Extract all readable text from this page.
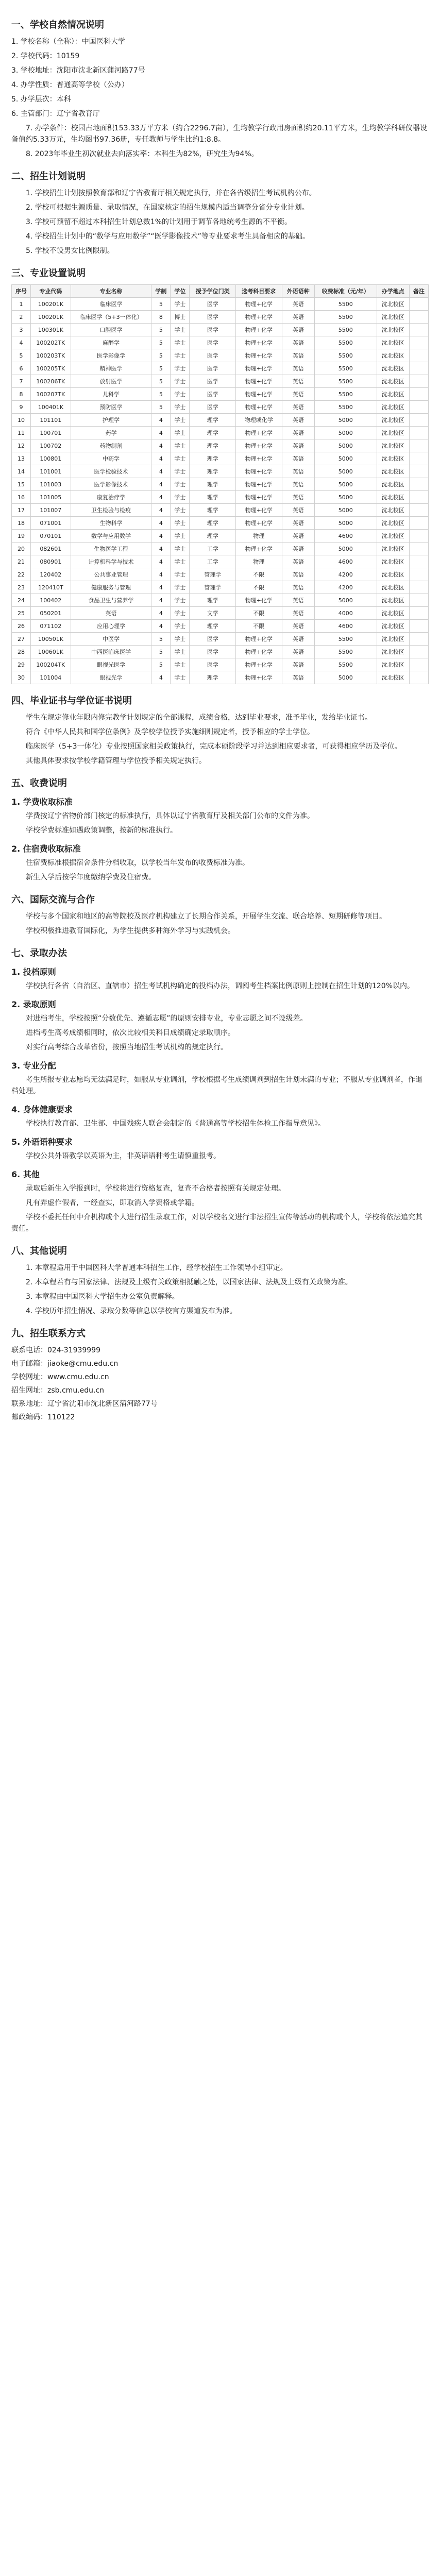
一、学校自然情况说明

1. 学校名称（全称）：中国医科大学

2. 学校代码：10159

3. 学校地址：沈阳市沈北新区蒲河路77号

4. 办学性质：普通高等学校（公办）

5. 办学层次：本科

6. 主管部门：辽宁省教育厅

7. 办学条件：校园占地面积153.33万平方米（约合2296.7亩），生均教学行政用房面积约20.11平方米，生均教学科研仪器设备值约5.33万元，生均图书97.36册，专任教师与学生比约1:8.8。

8. 2023年毕业生初次就业去向落实率：本科生为82%，研究生为94%。

二、招生计划说明

1. 学校招生计划按照教育部和辽宁省教育厅相关规定执行，并在各省级招生考试机构公布。

2. 学校可根据生源质量、录取情况，在国家核定的招生规模内适当调整分省分专业计划。

3. 学校可预留不超过本科招生计划总数1%的计划用于调节各地统考生源的不平衡。

4. 学校招生计划中的“数学与应用数学”“医学影像技术”等专业要求考生具备相应的基础。

5. 学校不设男女比例限制。

三、专业设置说明
序号	专业代码	专业名称	学制	学位	授予学位门类	选考科目要求	外语语种	收费标准（元/年）	办学地点	备注
1	100201K	临床医学	5	学士	医学	物理+化学	英语	5500	沈北校区	
2	100201K	临床医学（5+3一体化）	8	博士	医学	物理+化学	英语	5500	沈北校区	
3	100301K	口腔医学	5	学士	医学	物理+化学	英语	5500	沈北校区	
4	100202TK	麻醉学	5	学士	医学	物理+化学	英语	5500	沈北校区	
5	100203TK	医学影像学	5	学士	医学	物理+化学	英语	5500	沈北校区	
6	100205TK	精神医学	5	学士	医学	物理+化学	英语	5500	沈北校区	
7	100206TK	放射医学	5	学士	医学	物理+化学	英语	5500	沈北校区	
8	100207TK	儿科学	5	学士	医学	物理+化学	英语	5500	沈北校区	
9	100401K	预防医学	5	学士	医学	物理+化学	英语	5500	沈北校区	
10	101101	护理学	4	学士	理学	物理或化学	英语	5000	沈北校区	
11	100701	药学	4	学士	理学	物理+化学	英语	5000	沈北校区	
12	100702	药物制剂	4	学士	理学	物理+化学	英语	5000	沈北校区	
13	100801	中药学	4	学士	理学	物理+化学	英语	5000	沈北校区	
14	101001	医学检验技术	4	学士	理学	物理+化学	英语	5000	沈北校区	
15	101003	医学影像技术	4	学士	理学	物理+化学	英语	5000	沈北校区	
16	101005	康复治疗学	4	学士	理学	物理+化学	英语	5000	沈北校区	
17	101007	卫生检验与检疫	4	学士	理学	物理+化学	英语	5000	沈北校区	
18	071001	生物科学	4	学士	理学	物理+化学	英语	5000	沈北校区	
19	070101	数学与应用数学	4	学士	理学	物理	英语	4600	沈北校区	
20	082601	生物医学工程	4	学士	工学	物理+化学	英语	5000	沈北校区	
21	080901	计算机科学与技术	4	学士	工学	物理	英语	4600	沈北校区	
22	120402	公共事业管理	4	学士	管理学	不限	英语	4200	沈北校区	
23	120410T	健康服务与管理	4	学士	管理学	不限	英语	4200	沈北校区	
24	100402	食品卫生与营养学	4	学士	理学	物理+化学	英语	5000	沈北校区	
25	050201	英语	4	学士	文学	不限	英语	4000	沈北校区	
26	071102	应用心理学	4	学士	理学	不限	英语	4600	沈北校区	
27	100501K	中医学	5	学士	医学	物理+化学	英语	5500	沈北校区	
28	100601K	中西医临床医学	5	学士	医学	物理+化学	英语	5500	沈北校区	
29	100204TK	眼视光医学	5	学士	医学	物理+化学	英语	5500	沈北校区	
30	101004	眼视光学	4	学士	理学	物理+化学	英语	5000	沈北校区	
四、毕业证书与学位证书说明

学生在规定修业年限内修完教学计划规定的全部课程，成绩合格，达到毕业要求，准予毕业，发给毕业证书。

符合《中华人民共和国学位条例》及学校学位授予实施细则规定者，授予相应的学士学位。

临床医学（5+3一体化）专业按照国家相关政策执行，完成本硕阶段学习并达到相应要求者，可获得相应学历及学位。

其他具体要求按学校学籍管理与学位授予相关规定执行。

五、收费说明
1. 学费收取标准

学费按辽宁省物价部门核定的标准执行，具体以辽宁省教育厅及相关部门公布的文件为准。

学校学费标准如遇政策调整，按新的标准执行。

2. 住宿费收取标准

住宿费标准根据宿舍条件分档收取，以学校当年发布的收费标准为准。

新生入学后按学年度缴纳学费及住宿费。

六、国际交流与合作

学校与多个国家和地区的高等院校及医疗机构建立了长期合作关系，开展学生交流、联合培养、短期研修等项目。

学校积极推进教育国际化，为学生提供多种海外学习与实践机会。

七、录取办法
1. 投档原则

学校执行各省（自治区、直辖市）招生考试机构确定的投档办法，调阅考生档案比例原则上控制在招生计划的120%以内。

2. 录取原则

对进档考生，学校按照“分数优先、遵循志愿”的原则安排专业，专业志愿之间不设级差。

进档考生高考成绩相同时，依次比较相关科目成绩确定录取顺序。

对实行高考综合改革省份，按照当地招生考试机构的规定执行。

3. 专业分配

考生所报专业志愿均无法满足时，如服从专业调剂，学校根据考生成绩调剂到招生计划未满的专业；不服从专业调剂者，作退档处理。

4. 身体健康要求

学校执行教育部、卫生部、中国残疾人联合会制定的《普通高等学校招生体检工作指导意见》。

5. 外语语种要求

学校公共外语教学以英语为主，非英语语种考生请慎重报考。

6. 其他

录取后新生入学报到时，学校将进行资格复查，复查不合格者按照有关规定处理。

凡有弄虚作假者，一经查实，即取消入学资格或学籍。

学校不委托任何中介机构或个人进行招生录取工作，对以学校名义进行非法招生宣传等活动的机构或个人，学校将依法追究其责任。

八、其他说明

1. 本章程适用于中国医科大学普通本科招生工作，经学校招生工作领导小组审定。

2. 本章程若有与国家法律、法规及上级有关政策相抵触之处，以国家法律、法规及上级有关政策为准。

3. 本章程由中国医科大学招生办公室负责解释。

4. 学校历年招生情况、录取分数等信息以学校官方渠道发布为准。

九、招生联系方式

联系电话：024-31939999

电子邮箱：jiaoke@cmu.edu.cn

学校网址：www.cmu.edu.cn

招生网址：zsb.cmu.edu.cn

联系地址：辽宁省沈阳市沈北新区蒲河路77号

邮政编码：110122
